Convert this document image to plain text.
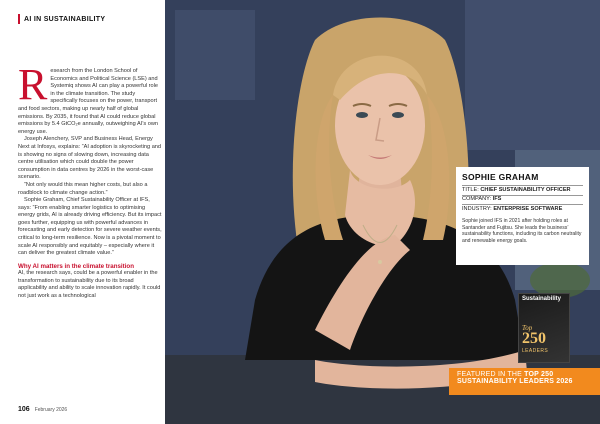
AI IN SUSTAINABILITY
R esearch from the London School of Economics and Political Science (LSE) and Systemiq shows AI can play a powerful role in the climate transition. The study specifically focuses on the power, transport and food sectors, making up nearly half of global emissions. By 2035, it found that AI could reduce global emissions by 5.4 GtCO₂e annually, outweighing AI’s own energy use.

Joseph Alenchery, SVP and Business Head, Energy Next at Infosys, explains: “AI adoption is skyrocketing and is showing no signs of slowing down, increasing data centre utilisation which could double the power consumption in data centres by 2026 in the worst-case scenario.

“Not only would this mean higher costs, but also a roadblock to climate change action.”

Sophie Graham, Chief Sustainability Officer at IFS, says: “From enabling smarter logistics to optimising energy grids, AI is already driving efficiency. But its impact goes further, equipping us with powerful advances in forecasting and early detection for severe weather events, critical to long-term resilience. Now is a pivotal moment to scale AI responsibly and equitably – especially where it can deliver the greatest climate value.”

Why AI matters in the climate transition

AI, the research says, could be a powerful enabler in the transformation to sustainability due to its broad applicability and ability to scale innovation rapidly. It could not just work as a technological

106 February 2026
SOPHIE GRAHAM
TITLE: CHIEF SUSTAINABILITY OFFICER
COMPANY: IFS
INDUSTRY: ENTERPRISE SOFTWARE
Sophie joined IFS in 2021 after holding roles at Santander and Fujitsu. She leads the business’ sustainability functions, including its carbon neutrality and renewable energy goals.
Sustainability
Top
250
LEADERS
FEATURED IN THE TOP 250
SUSTAINABILITY LEADERS 2026
